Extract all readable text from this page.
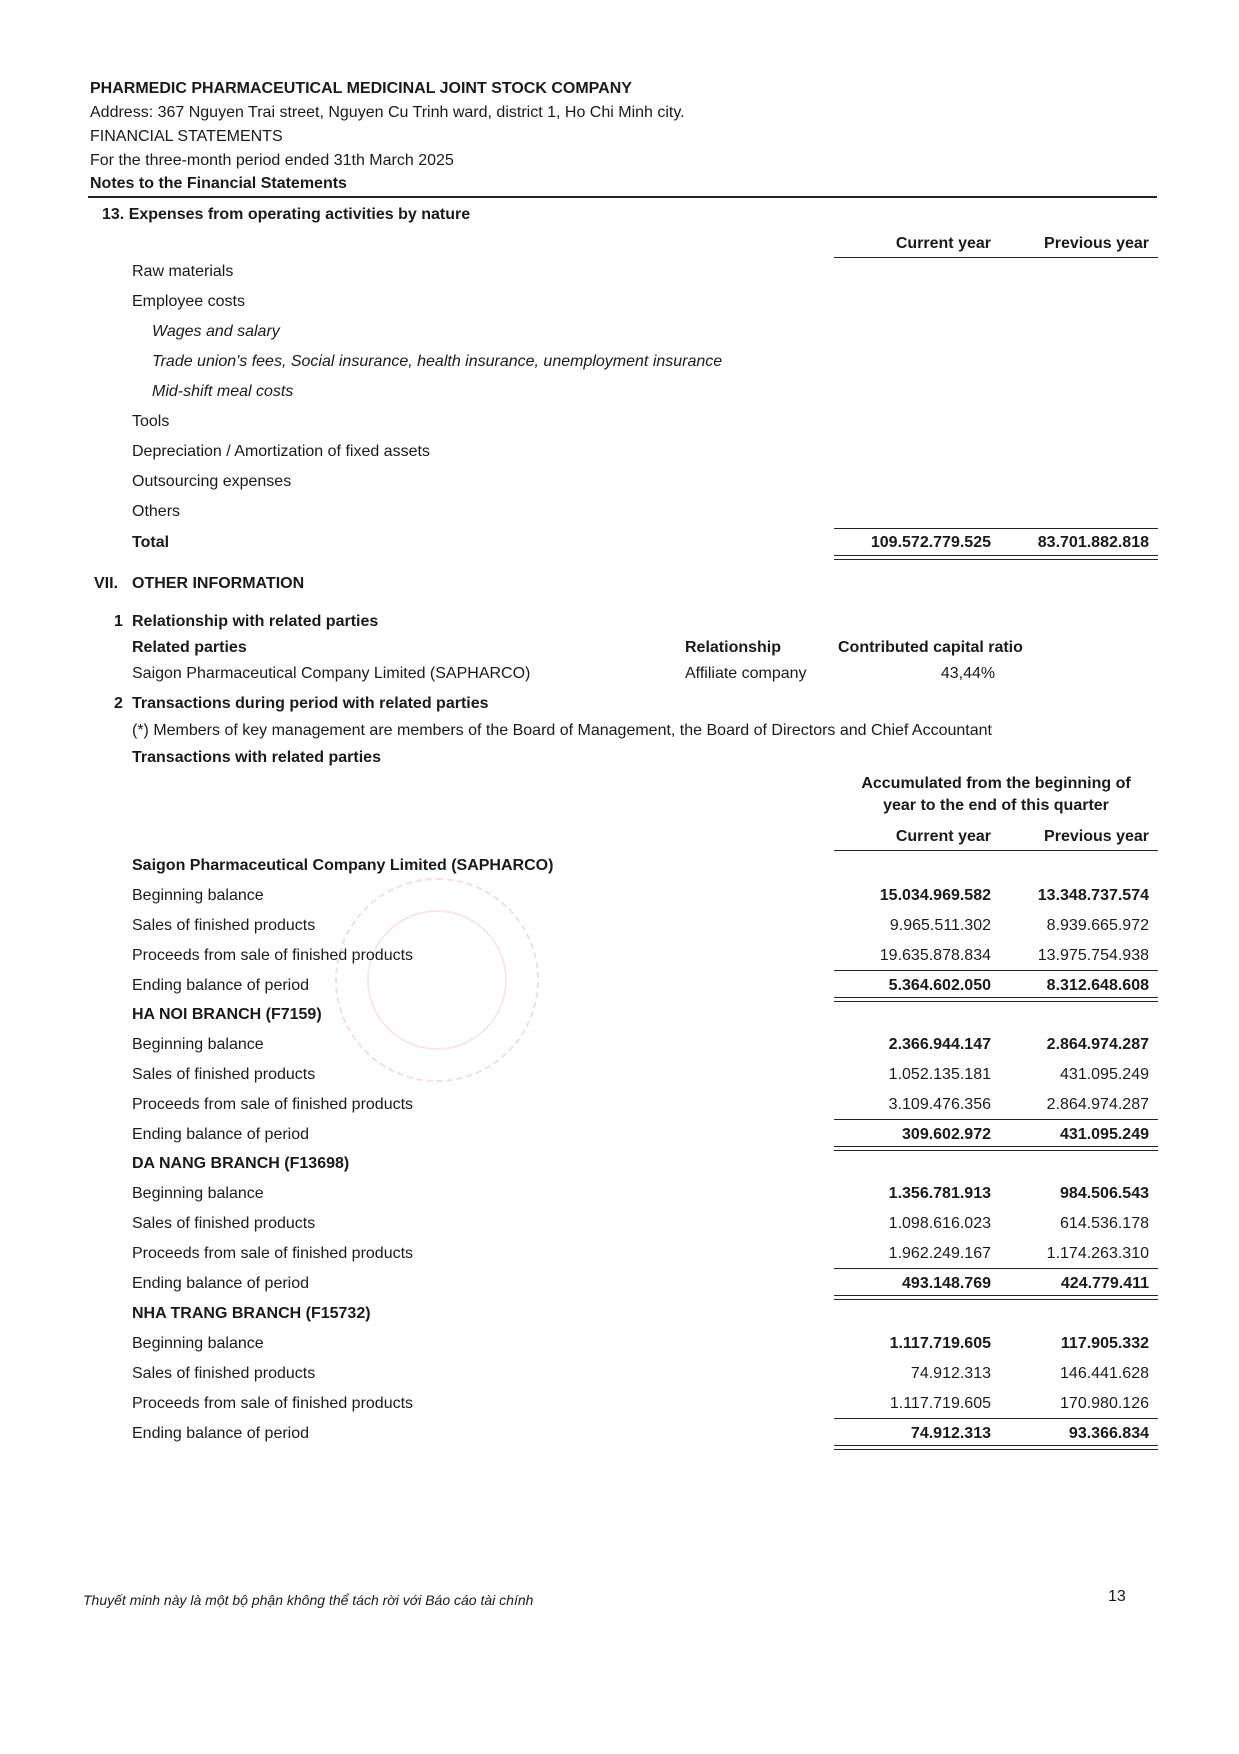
PHARMEDIC PHARMACEUTICAL MEDICINAL JOINT STOCK COMPANY
Address: 367 Nguyen Trai street, Nguyen Cu Trinh ward, district 1, Ho Chi Minh city.
FINANCIAL STATEMENTS
For the three-month period ended 31th March 2025
Notes to the Financial Statements
13. Expenses from operating activities by nature
Current year	Previous year
Raw materials
Employee costs
Wages and salary
Trade union's fees, Social insurance, health insurance, unemployment insurance
Mid-shift meal costs
Tools
Depreciation / Amortization of fixed assets
Outsourcing expenses
Others
Total	109.572.779.525	83.701.882.818
VII. OTHER INFORMATION
1 Relationship with related parties
Related parties	Relationship	Contributed capital ratio
Saigon Pharmaceutical Company Limited (SAPHARCO)	Affiliate company	43,44%
2 Transactions during period with related parties
(*) Members of key management are members of the Board of Management, the Board of Directors and Chief Accountant
Transactions with related parties
Accumulated from the beginning of
year to the end of this quarter
Current year	Previous year
Saigon Pharmaceutical Company Limited (SAPHARCO)
Beginning balance	15.034.969.582	13.348.737.574
Sales of finished products	9.965.511.302	8.939.665.972
Proceeds from sale of finished products	19.635.878.834	13.975.754.938
Ending balance of period	5.364.602.050	8.312.648.608
HA NOI BRANCH (F7159)
Beginning balance	2.366.944.147	2.864.974.287
Sales of finished products	1.052.135.181	431.095.249
Proceeds from sale of finished products	3.109.476.356	2.864.974.287
Ending balance of period	309.602.972	431.095.249
DA NANG BRANCH (F13698)
Beginning balance	1.356.781.913	984.506.543
Sales of finished products	1.098.616.023	614.536.178
Proceeds from sale of finished products	1.962.249.167	1.174.263.310
Ending balance of period	493.148.769	424.779.411
NHA TRANG BRANCH (F15732)
Beginning balance	1.117.719.605	117.905.332
Sales of finished products	74.912.313	146.441.628
Proceeds from sale of finished products	1.117.719.605	170.980.126
Ending balance of period	74.912.313	93.366.834
Thuyết minh này là một bộ phận không thể tách rời với Báo cáo tài chính	13
